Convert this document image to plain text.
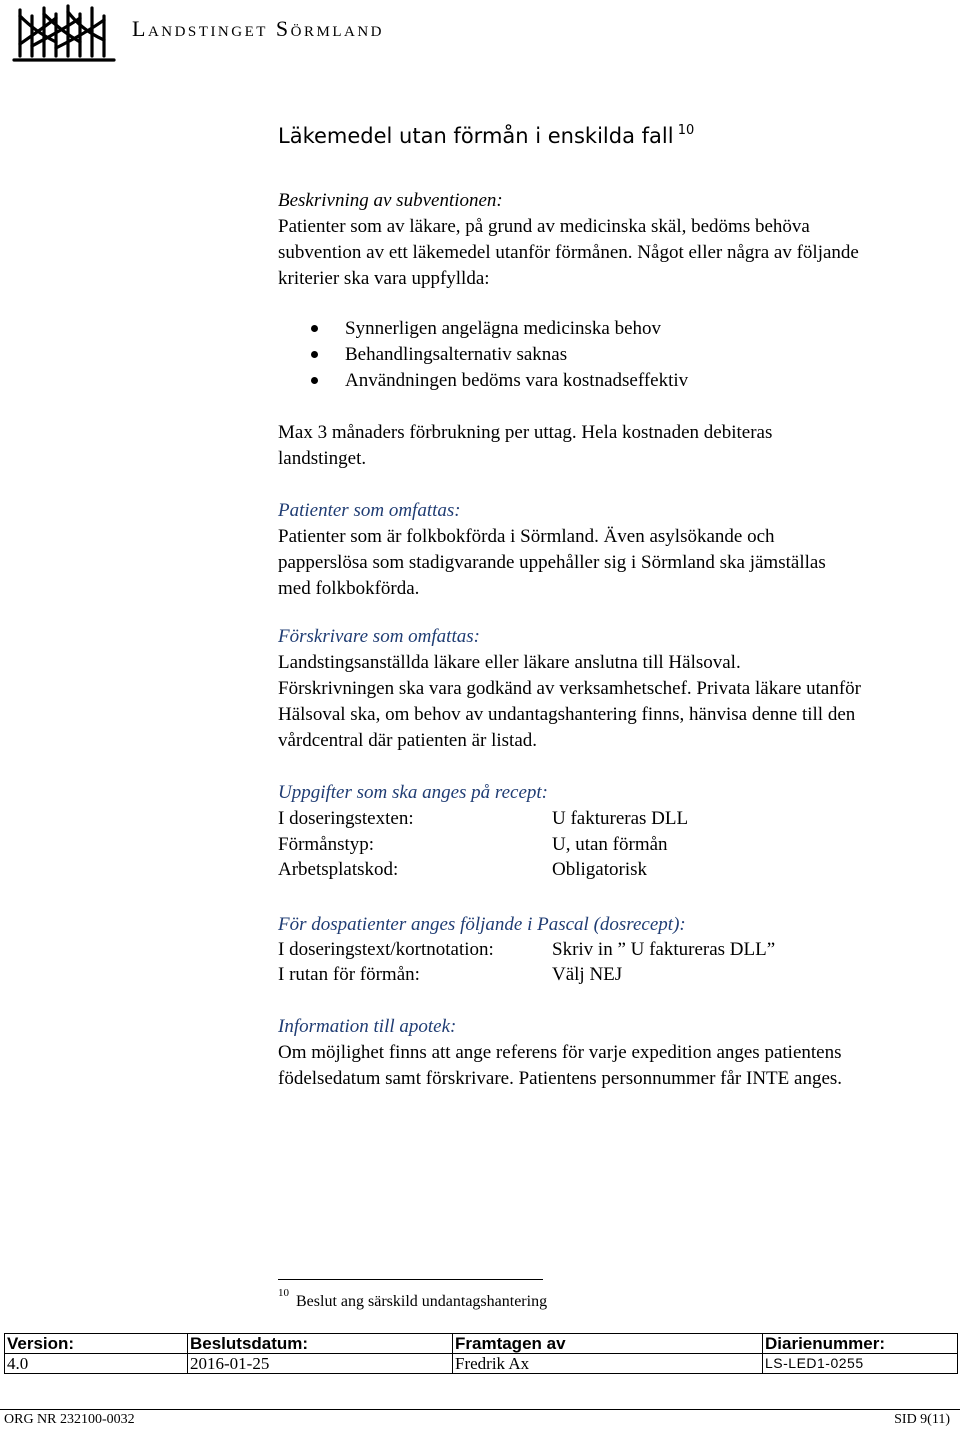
Landstinget Sörmland
Läkemedel utan förmån i enskilda fall $^{10}$
Beskrivning av subventionen:
Patienter som av läkare, på grund av medicinska skäl, bedöms behöva
subvention av ett läkemedel utanför förmånen. Något eller några av följande
kriterier ska vara uppfyllda:
Synnerligen angelägna medicinska behov
Behandlingsalternativ saknas
Användningen bedöms vara kostnadseffektiv
Max 3 månaders förbrukning per uttag. Hela kostnaden debiteras
landstinget.
Patienter som omfattas:
Patienter som är folkbokförda i Sörmland. Även asylsökande och
papperslösa som stadigvarande uppehåller sig i Sörmland ska jämställas
med folkbokförda.
Förskrivare som omfattas:
Landstingsanställda läkare eller läkare anslutna till Hälsoval.
Förskrivningen ska vara godkänd av verksamhetschef. Privata läkare utanför
Hälsoval ska, om behov av undantagshantering finns, hänvisa denne till den
vårdcentral där patienten är listad.
Uppgifter som ska anges på recept:
I doseringstexten:	U faktureras DLL
Förmånstyp:	U, utan förmån
Arbetsplatskod:	Obligatorisk
För dospatienter anges följande i Pascal (dosrecept):
I doseringstext/kortnotation:	Skriv in ” U faktureras DLL”
I rutan för förmån:	Välj NEJ
Information till apotek:
Om möjlighet finns att ange referens för varje expedition anges patientens
födelsedatum samt förskrivare. Patientens personnummer får INTE anges.
10 Beslut ang särskild undantagshantering
Version:	Beslutsdatum:	Framtagen av	Diarienummer:
4.0	2016-01-25	Fredrik Ax	LS-LED1-0255
ORG NR 232100-0032	SID 9(11)
